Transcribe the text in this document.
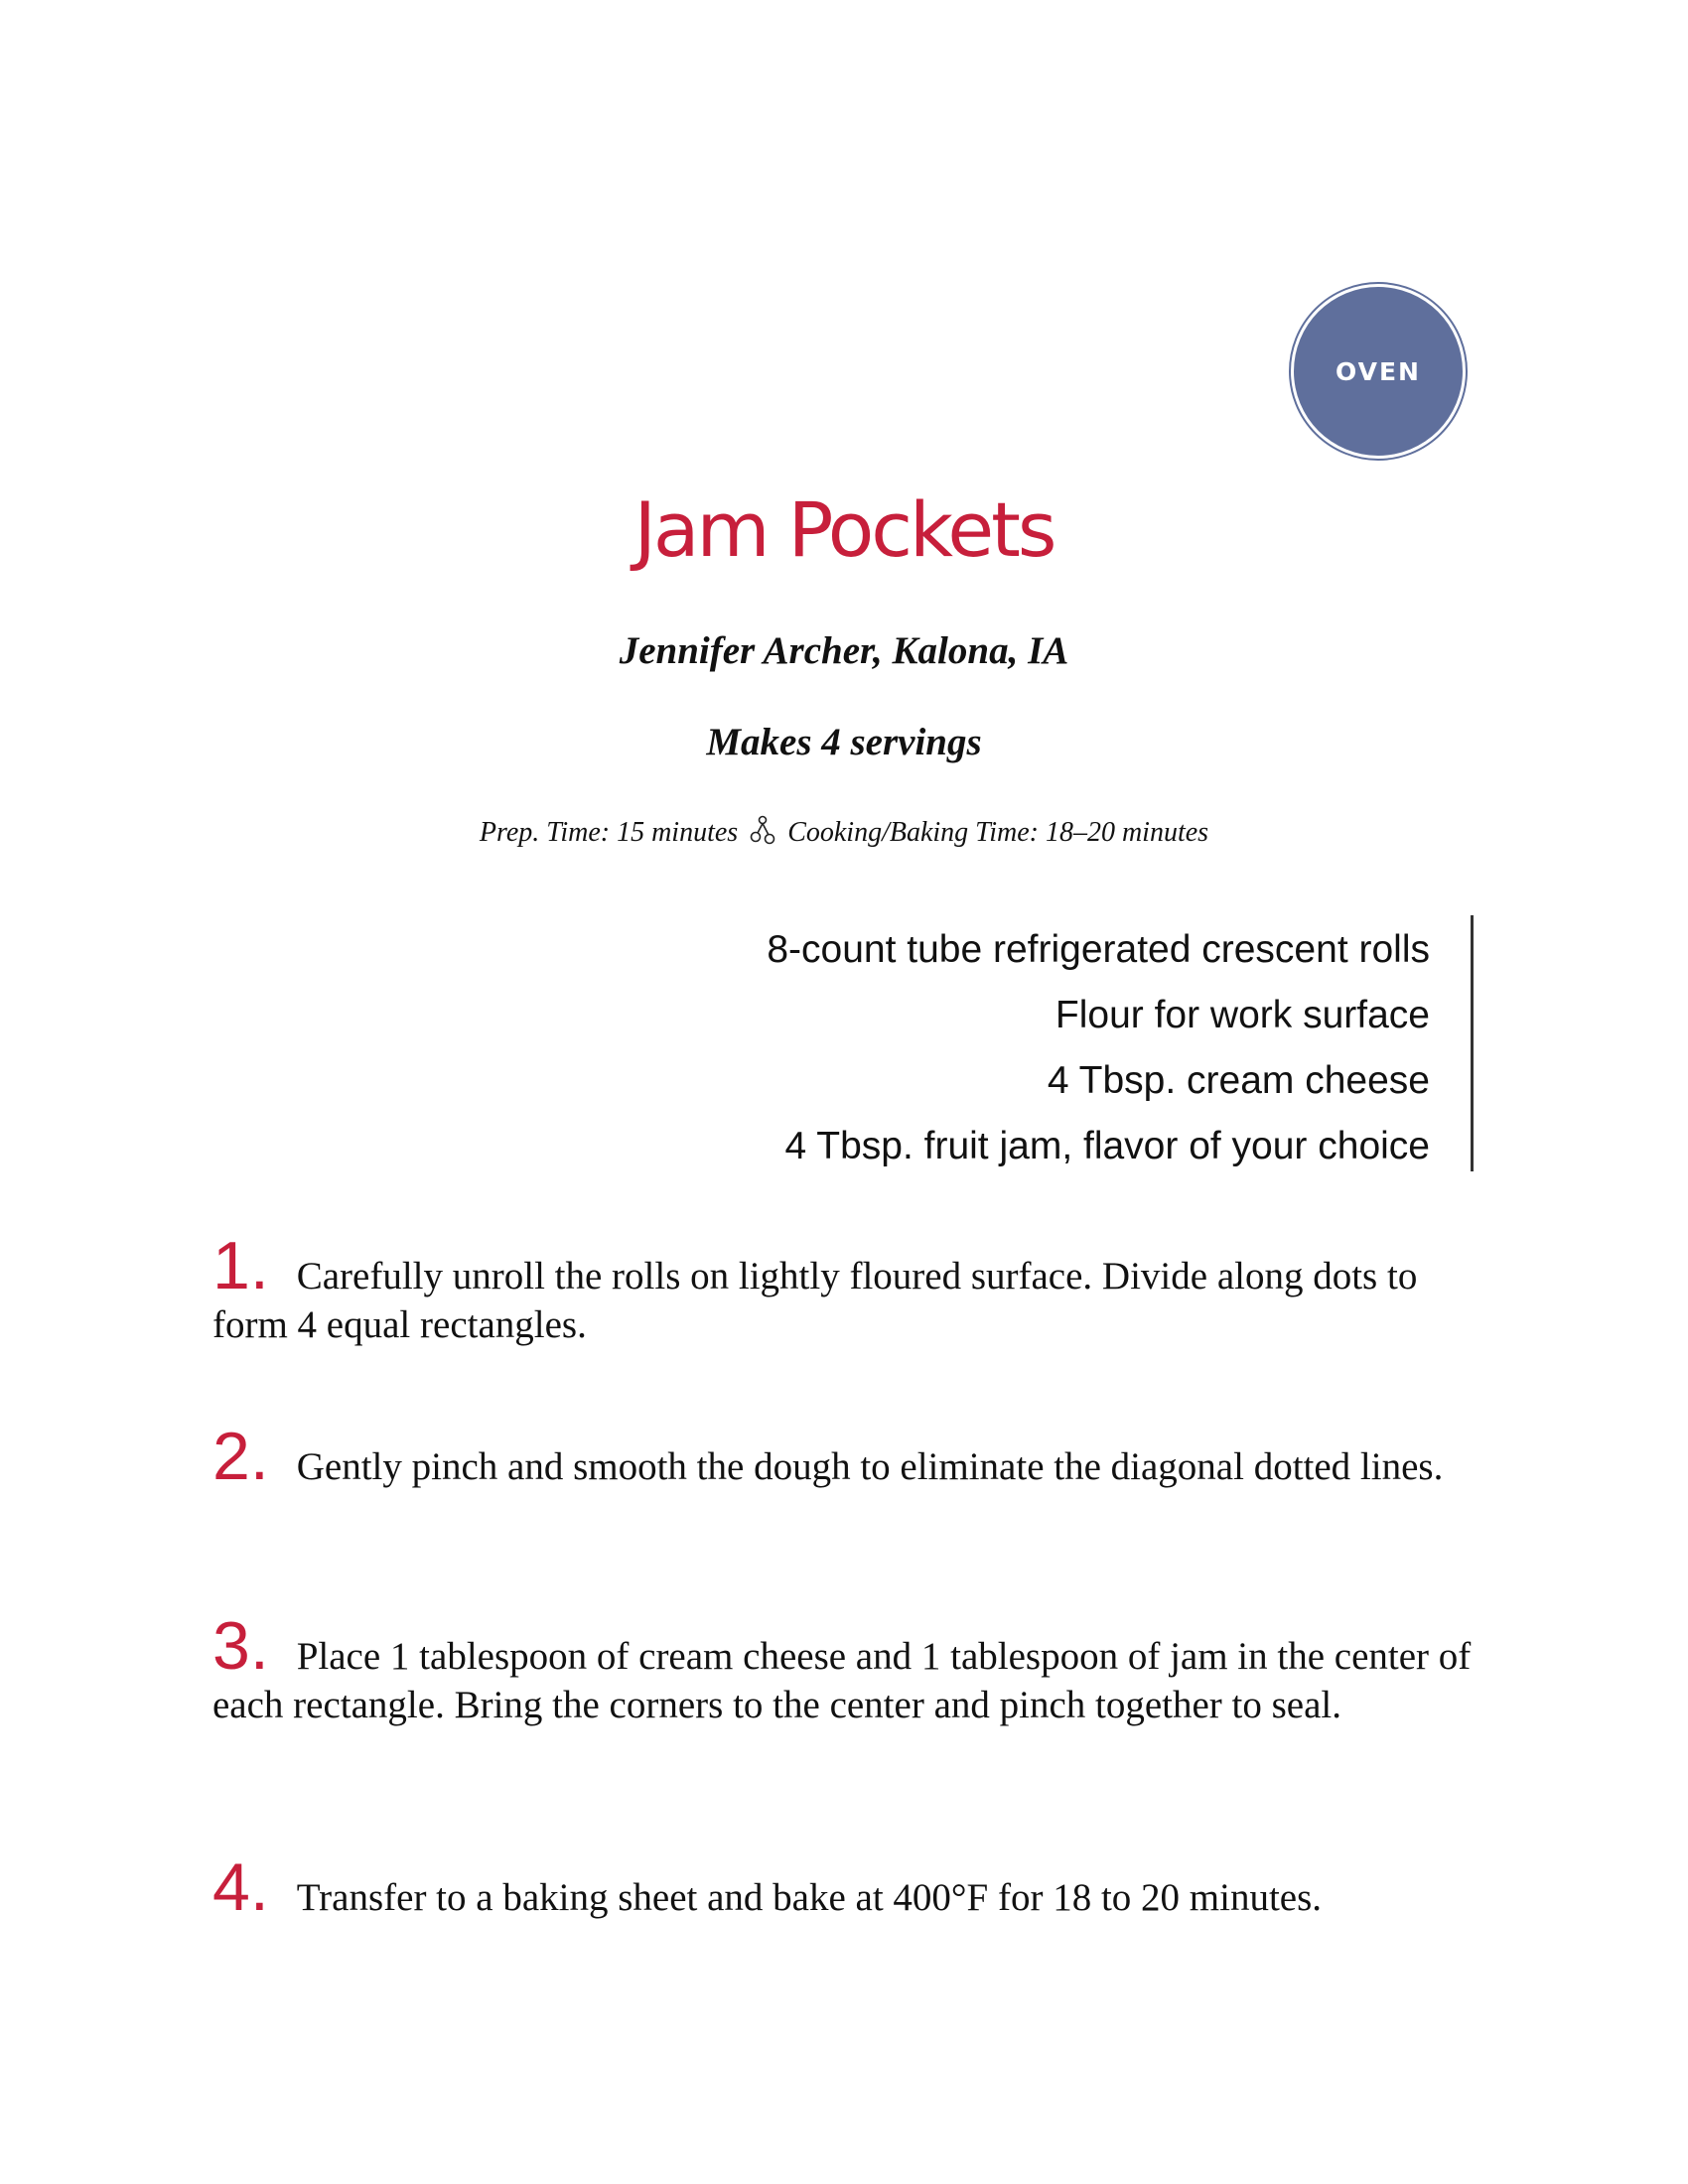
OVEN
Jam Pockets
Jennifer Archer, Kalona, IA
Makes 4 servings
Prep. Time: 15 minutes Cooking/Baking Time: 18–20 minutes
8-count tube refrigerated crescent rolls
Flour for work surface
4 Tbsp. cream cheese
4 Tbsp. fruit jam, flavor of your choice
1. Carefully unroll the rolls on lightly floured surface. Divide along dots to form 4 equal rectangles.
2. Gently pinch and smooth the dough to eliminate the diagonal dotted lines.
3. Place 1 tablespoon of cream cheese and 1 tablespoon of jam in the center of each rectangle. Bring the corners to the center and pinch together to seal.
4. Transfer to a baking sheet and bake at 400°F for 18 to 20 minutes.
